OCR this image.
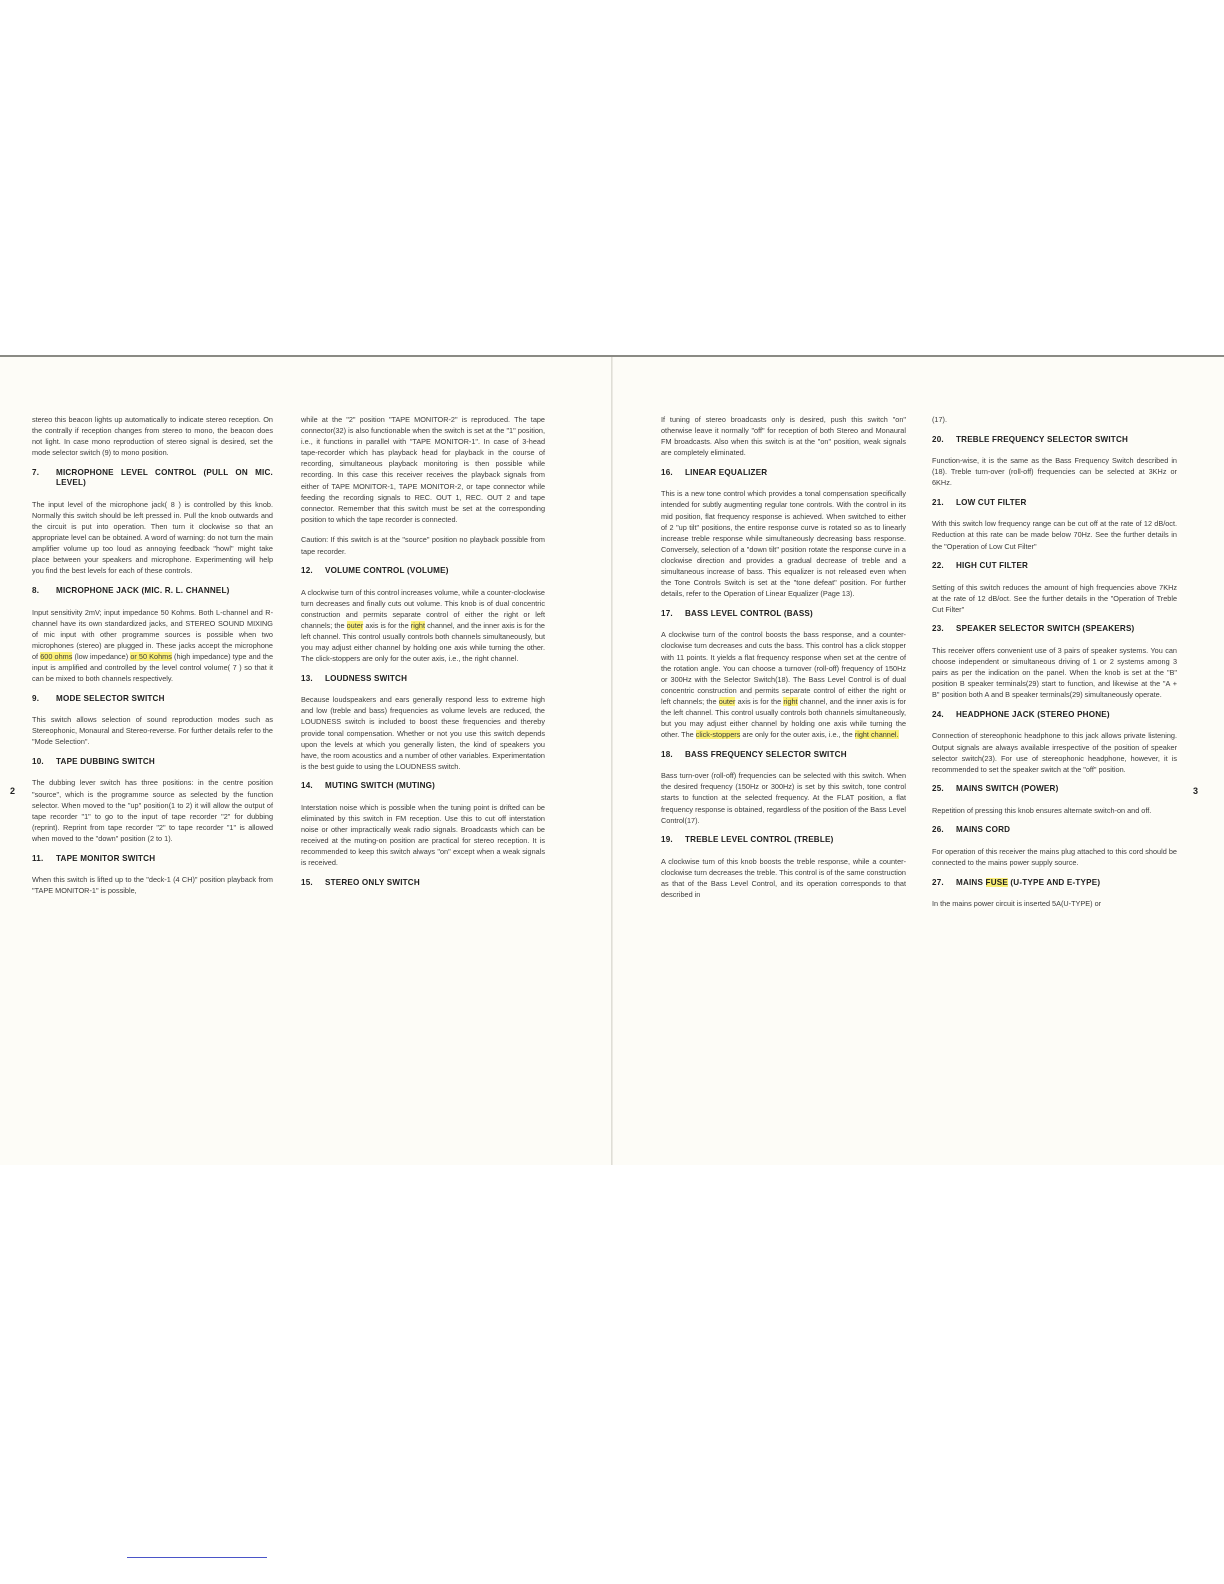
stereo this beacon lights up automatically to indicate stereo reception. On the contrally if reception changes from stereo to mono, the beacon does not light. In case mono reproduction of stereo signal is desired, set the mode selector switch (9) to mono position.

7.	MICROPHONE LEVEL CONTROL (PULL ON MIC. LEVEL)

The input level of the microphone jack( 8 ) is controlled by this knob. Normally this switch should be left pressed in. Pull the knob outwards and the circuit is put into operation. Then turn it clockwise so that an appropriate level can be obtained. A word of warning: do not turn the main amplifier volume up too loud as annoying feedback "howl" might take place between your speakers and microphone. Experimenting will help you find the best levels for each of these controls.

8.	MICROPHONE JACK (MIC. R. L. CHANNEL)

Input sensitivity 2mV; input impedance 50 Kohms. Both L-channel and R-channel have its own standardized jacks, and STEREO SOUND MIXING of mic input with other programme sources is possible when two microphones (stereo) are plugged in. These jacks accept the microphone of 600 ohms (low impedance) or 50 Kohms (high impedance) type and the input is amplified and controlled by the level control volume( 7 ) so that it can be mixed to both channels respectively.

9.	MODE SELECTOR SWITCH

This switch allows selection of sound reproduction modes such as Stereophonic, Monaural and Stereo-reverse. For further details refer to the "Mode Selection".

10.	TAPE DUBBING SWITCH

The dubbing lever switch has three positions: in the centre position "source", which is the programme source as selected by the function selector. When moved to the "up" position(1 to 2) it will allow the output of tape recorder "1" to go to the input of tape recorder "2" for dubbing (reprint). Reprint from tape recorder "2" to tape recorder "1" is allowed when moved to the "down" position (2 to 1).

11.	TAPE MONITOR SWITCH

When this switch is lifted up to the "deck-1 (4 CH)" position playback from "TAPE MONITOR-1" is possible,

while at the "2" position "TAPE MONITOR-2" is reproduced. The tape connector(32) is also functionable when the switch is set at the "1" position, i.e., it functions in parallel with "TAPE MONITOR-1". In case of 3-head tape-recorder which has playback head for playback in the course of recording, simultaneous playback monitoring is then possible while recording. In this case this receiver receives the playback signals from either of TAPE MONITOR-1, TAPE MONITOR-2, or tape connector while feeding the recording signals to REC. OUT 1, REC. OUT 2 and tape connector. Remember that this switch must be set at the corresponding position to which the tape recorder is connected.

Caution: If this switch is at the "source" position no playback possible from tape recorder.

12.	VOLUME CONTROL (VOLUME)

A clockwise turn of this control increases volume, while a counter-clockwise turn decreases and finally cuts out volume. This knob is of dual concentric construction and permits separate control of either the right or left channels; the outer axis is for the right channel, and the inner axis is for the left channel. This control usually controls both channels simultaneously, but you may adjust either channel by holding one axis while turning the other. The click-stoppers are only for the outer axis, i.e., the right channel.

13.	LOUDNESS SWITCH

Because loudspeakers and ears generally respond less to extreme high and low (treble and bass) frequencies as volume levels are reduced, the LOUDNESS switch is included to boost these frequencies and thereby provide tonal compensation. Whether or not you use this switch depends upon the levels at which you generally listen, the kind of speakers you have, the room acoustics and a number of other variables. Experimentation is the best guide to using the LOUDNESS switch.

14.	MUTING SWITCH (MUTING)

Interstation noise which is possible when the tuning point is drifted can be eliminated by this switch in FM reception. Use this to cut off interstation noise or other impractically weak radio signals. Broadcasts which can be received at the muting-on position are practical for stereo reception. It is recommended to keep this switch always "on" except when a weak signals is received.

15.	STEREO ONLY SWITCH

If tuning of stereo broadcasts only is desired, push this switch "on" otherwise leave it normally "off" for reception of both Stereo and Monaural FM broadcasts. Also when this switch is at the "on" position, weak signals are completely eliminated.

16.	LINEAR EQUALIZER

This is a new tone control which provides a tonal compensation specifically intended for subtly augmenting regular tone controls. With the control in its mid position, flat frequency response is achieved. When switched to either of 2 "up tilt" positions, the entire response curve is rotated so as to linearly increase treble response while simultaneously decreasing bass response. Conversely, selection of a "down tilt" position rotate the response curve in a clockwise direction and provides a gradual decrease of treble and a simultaneous increase of bass. This equalizer is not released even when the Tone Controls Switch is set at the "tone defeat" position. For further details, refer to the Operation of Linear Equalizer (Page 13).

17.	BASS LEVEL CONTROL (BASS)

A clockwise turn of the control boosts the bass response, and a counter-clockwise turn decreases and cuts the bass. This control has a click stopper with 11 points. It yields a flat frequency response when set at the centre of the rotation angle. You can choose a turnover (roll-off) frequency of 150Hz or 300Hz with the Selector Switch(18). The Bass Level Control is of dual concentric construction and permits separate control of either the right or left channels; the outer axis is for the right channel, and the inner axis is for the left channel. This control usually controls both channels simultaneously, but you may adjust either channel by holding one axis while turning the other. The click-stoppers are only for the outer axis, i.e., the right channel.

18.	BASS FREQUENCY SELECTOR SWITCH

Bass turn-over (roll-off) frequencies can be selected with this switch. When the desired frequency (150Hz or 300Hz) is set by this switch, tone control starts to function at the selected frequency. At the FLAT position, a flat frequency response is obtained, regardless of the position of the Bass Level Control(17).

19.	TREBLE LEVEL CONTROL (TREBLE)

A clockwise turn of this knob boosts the treble response, while a counter-clockwise turn decreases the treble. This control is of the same construction as that of the Bass Level Control, and its operation corresponds to that described in

(17).

20.	TREBLE FREQUENCY SELECTOR SWITCH

Function-wise, it is the same as the Bass Frequency Switch described in (18). Treble turn-over (roll-off) frequencies can be selected at 3KHz or 6KHz.

21.	LOW CUT FILTER

With this switch low frequency range can be cut off at the rate of 12 dB/oct. Reduction at this rate can be made below 70Hz. See the further details in the "Operation of Low Cut Filter"

22.	HIGH CUT FILTER

Setting of this switch reduces the amount of high frequencies above 7KHz at the rate of 12 dB/oct. See the further details in the "Operation of Treble Cut Filter"

23.	SPEAKER SELECTOR SWITCH (SPEAKERS)

This receiver offers convenient use of 3 pairs of speaker systems. You can choose independent or simultaneous driving of 1 or 2 systems among 3 pairs as per the indication on the panel. When the knob is set at the "B" position B speaker terminals(29) start to function, and likewise at the "A + B" position both A and B speaker terminals(29) simultaneously operate.

24.	HEADPHONE JACK (STEREO PHONE)

Connection of stereophonic headphone to this jack allows private listening. Output signals are always available irrespective of the position of speaker selector switch(23). For use of stereophonic headphone, however, it is recommended to set the speaker switch at the "off" position.

25.	MAINS SWITCH (POWER)

Repetition of pressing this knob ensures alternate switch-on and off.

26.	MAINS CORD

For operation of this receiver the mains plug attached to this cord should be connected to the mains power supply source.

27.	MAINS FUSE (U-TYPE AND E-TYPE)

In the mains power circuit is inserted 5A(U-TYPE) or

2	3
